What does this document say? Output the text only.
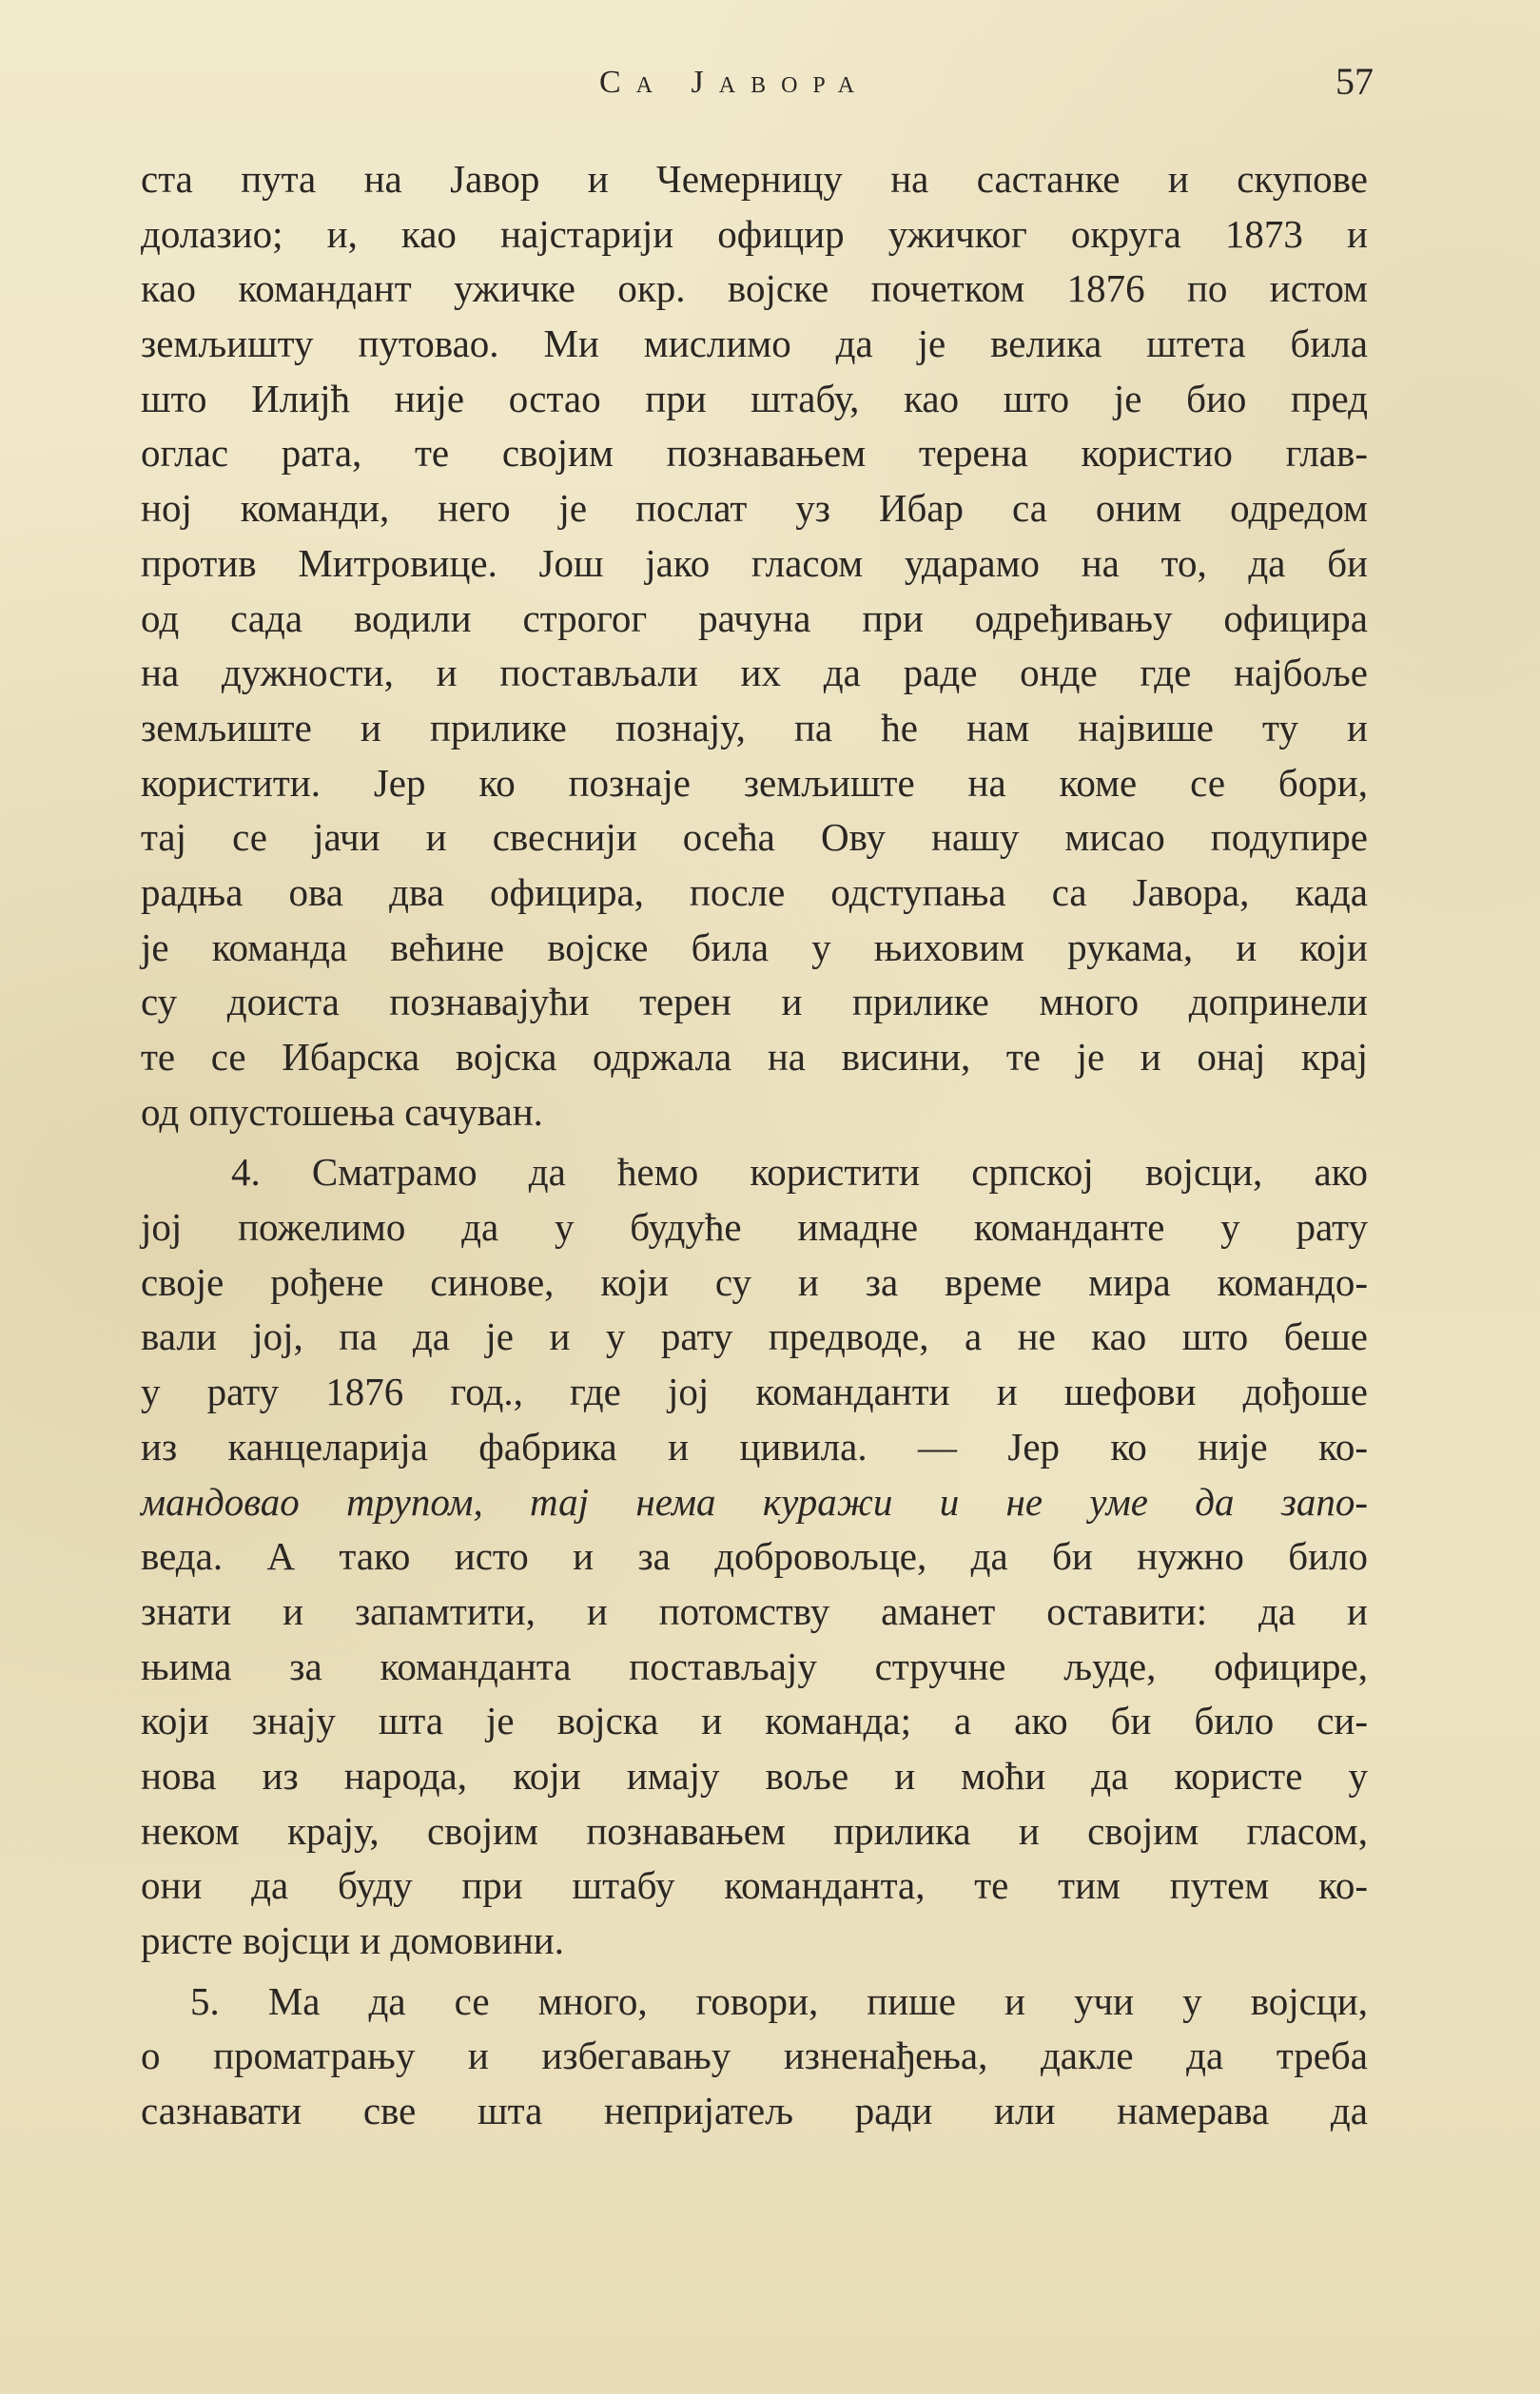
Са Јавора	57
ста пута на Јавор и Чемерницу на састанке и скупове
долазио; и, као најстарији официр ужичког округа 1873 и
као командант ужичке окр. војске почетком 1876 по истом
земљишту путовао. Ми мислимо да је велика штета била
што Илијћ није остао при штабу, као што је био пред
оглас рата, те својим познавањем терена користио глав-
ној команди, него је послат уз Ибар са оним одредом
против Митровице. Још јако гласом ударамо на то, да би
од сада водили строгог рачуна при одређивању официра
на дужности, и постављали их да раде онде где најбоље
земљиште и прилике познају, па ће нам највише ту и
користити. Јер ко познаје земљиште на коме се бори,
тај се јачи и свеснији осећа Ову нашу мисао подупире
радња ова два официра, после одступања са Јавора, када
је команда већине војске била у њиховим рукама, и који
су доиста познавајући терен и прилике много допринели
те се Ибарска војска одржала на висини, те је и онај крај
од опустошења сачуван.
4. Сматрамо да ћемо користити српској војсци, ако
јој пожелимо да у будуће имадне команданте у рату
своје рођене синове, који су и за време мира командо-
вали јој, па да је и у рату предводе, а не као што беше
у рату 1876 год., где јој команданти и шефови дођоше
из канцеларија фабрика и цивила. — Јер ко није ко-
мандовао трупом, тај нема куражи и не уме да запо-
веда. А тако исто и за добровољце, да би нужно било
знати и запамтити, и потомству аманет оставити: да и
њима за команданта постављају стручне људе, официре,
који знају шта је војска и команда; а ако би било си-
нова из народа, који имају воље и моћи да користе у
неком крају, својим познавањем прилика и својим гласом,
они да буду при штабу команданта, те тим путем ко-
ристе војсци и домовини.
5. Ма да се много, говори, пише и учи у војсци,
о проматрању и избегавању изненађења, дакле да треба
сазнавати све шта непријатељ ради или намерава да
